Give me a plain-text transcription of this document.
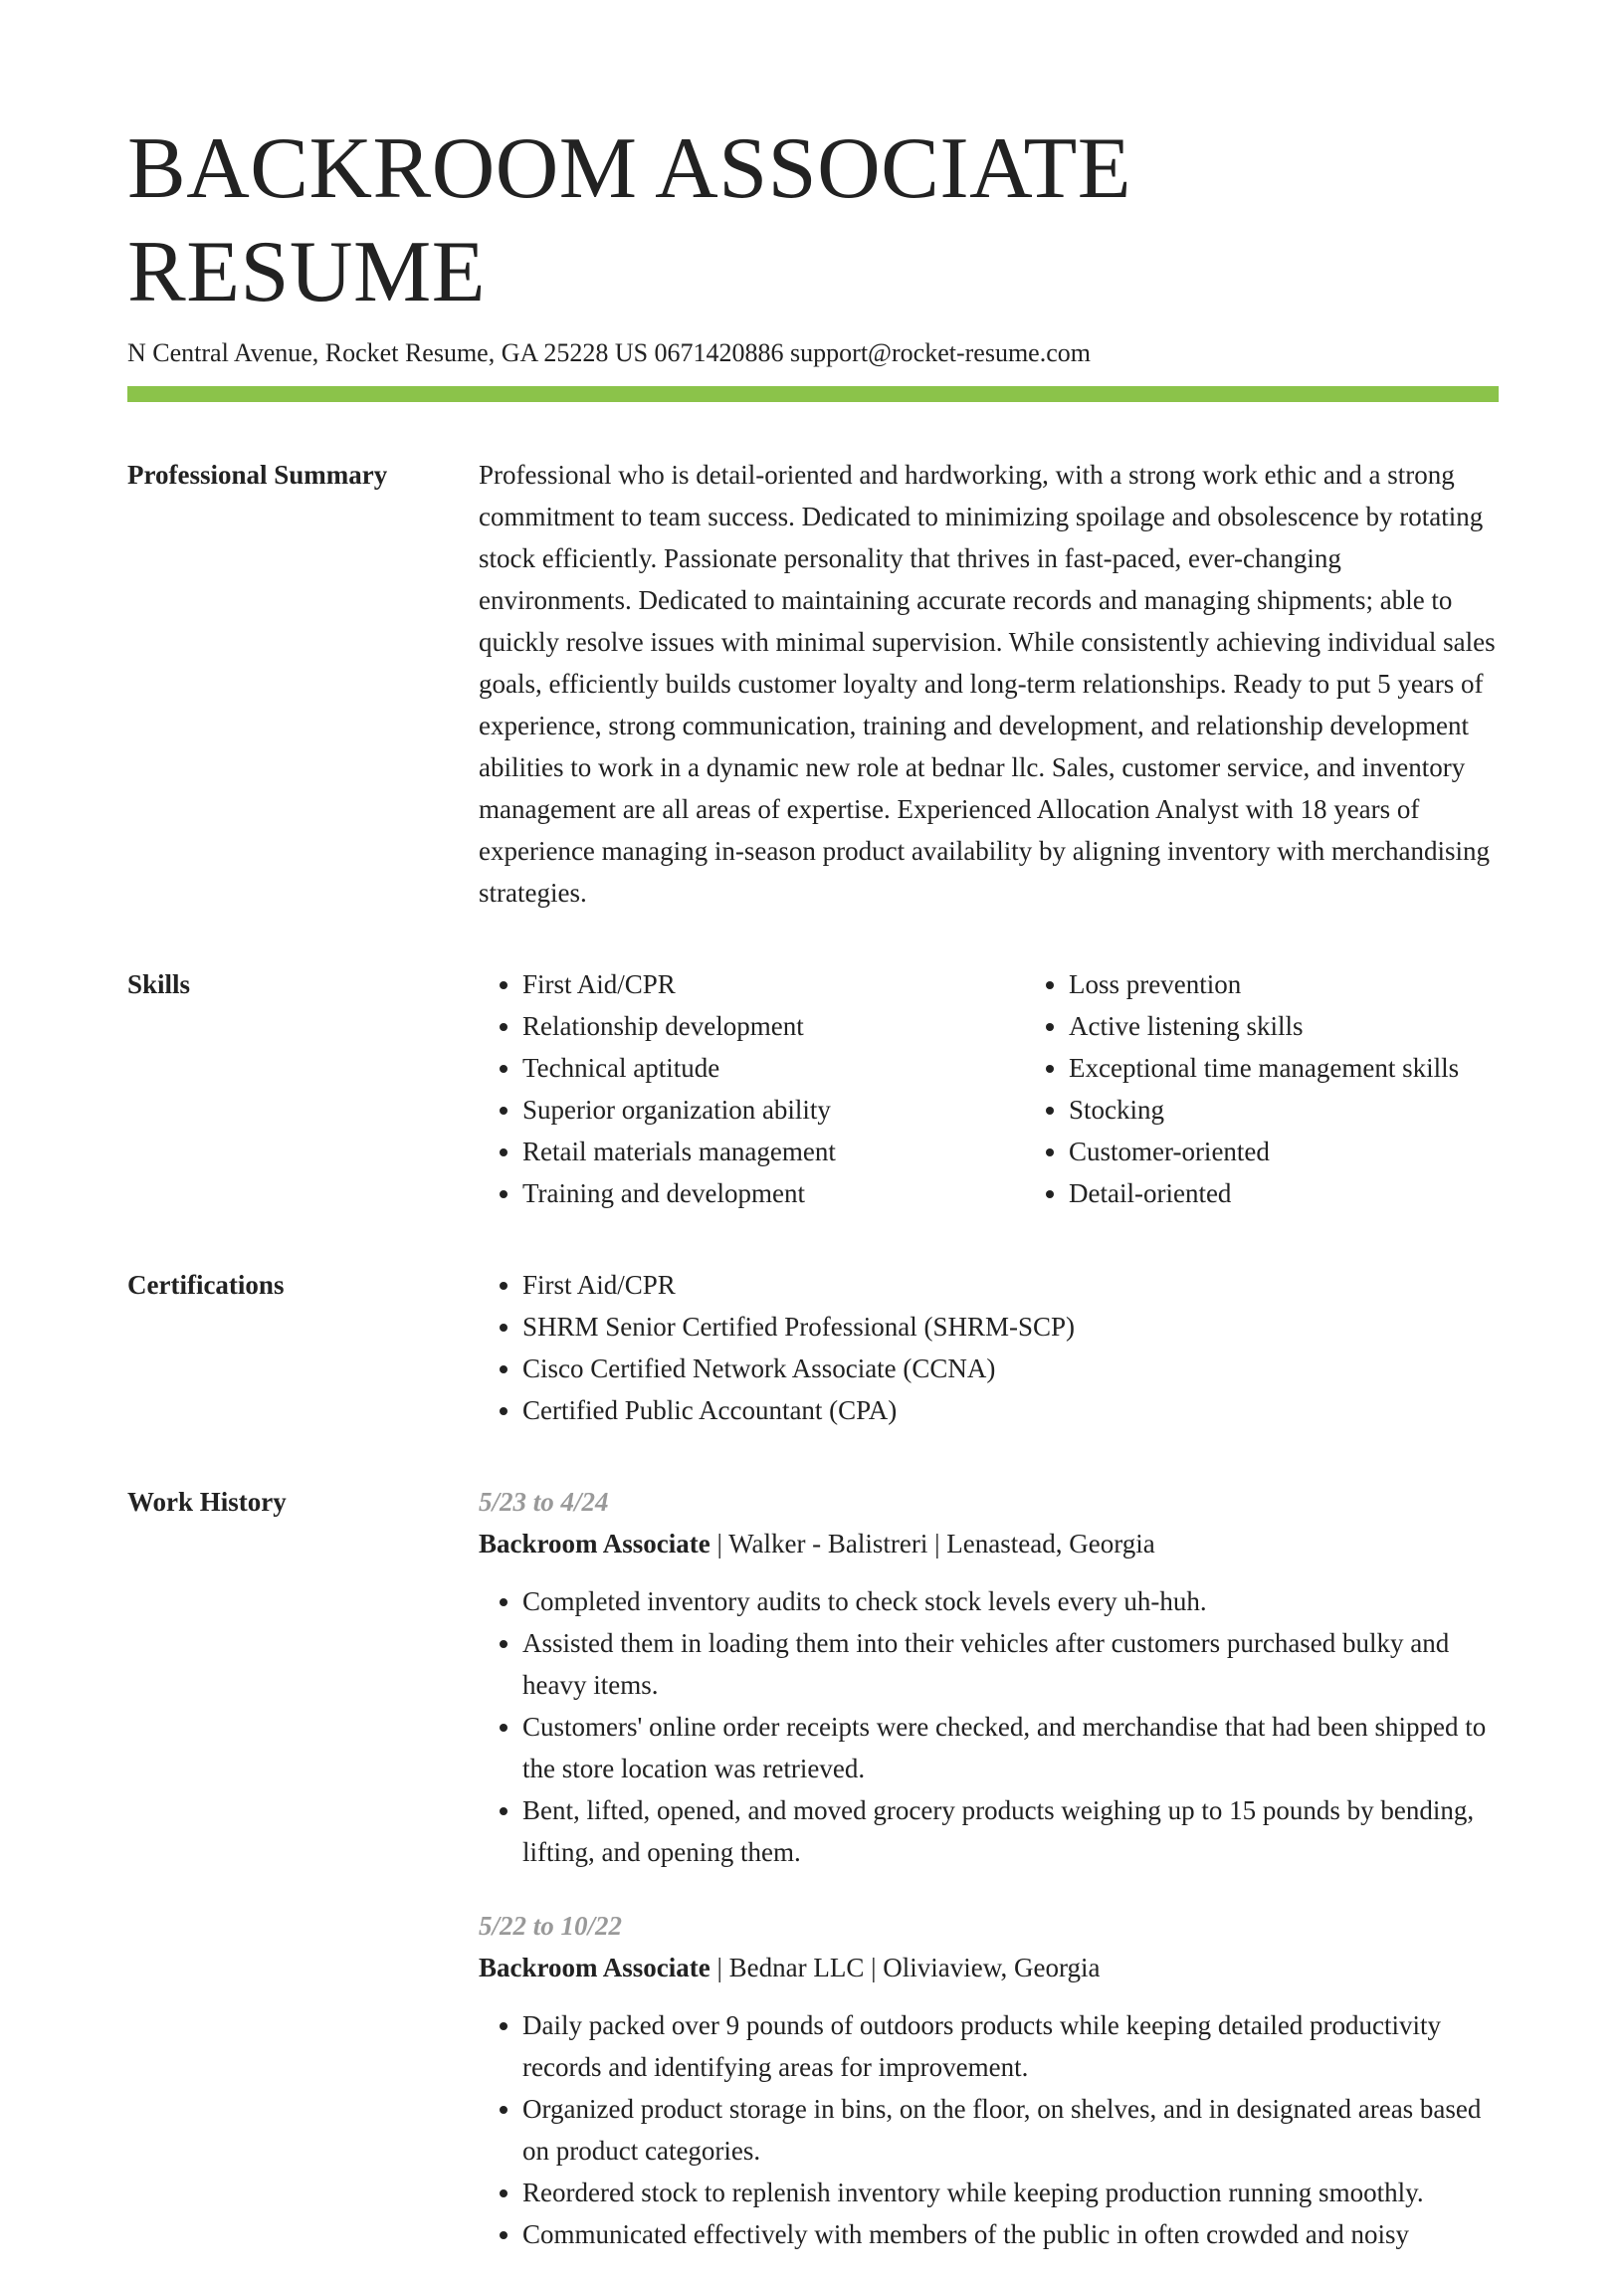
BACKROOM ASSOCIATE RESUME
N Central Avenue, Rocket Resume, GA 25228 US 0671420886 support@rocket-resume.com
Professional Summary	Professional who is detail-oriented and hardworking, with a strong work ethic and a strong commitment to team success. Dedicated to minimizing spoilage and obsolescence by rotating stock efficiently. Passionate personality that thrives in fast-paced, ever-changing environments. Dedicated to maintaining accurate records and managing shipments; able to quickly resolve issues with minimal supervision. While consistently achieving individual sales goals, efficiently builds customer loyalty and long-term relationships. Ready to put 5 years of experience, strong communication, training and development, and relationship development abilities to work in a dynamic new role at bednar llc. Sales, customer service, and inventory management are all areas of expertise. Experienced Allocation Analyst with 18 years of experience managing in-season product availability by aligning inventory with merchandising strategies.

Skills	• First Aid/CPR
• Relationship development
• Technical aptitude
• Superior organization ability
• Retail materials management
• Training and development
• Loss prevention
• Active listening skills
• Exceptional time management skills
• Stocking
• Customer-oriented
• Detail-oriented
Certifications	• First Aid/CPR
• SHRM Senior Certified Professional (SHRM-SCP)
• Cisco Certified Network Associate (CCNA)
• Certified Public Accountant (CPA)
Work History	5/23 to 4/24
Backroom Associate | Walker - Balistreri | Lenastead, Georgia
• Completed inventory audits to check stock levels every uh-huh.
• Assisted them in loading them into their vehicles after customers purchased bulky and heavy items.
• Customers' online order receipts were checked, and merchandise that had been shipped to the store location was retrieved.
• Bent, lifted, opened, and moved grocery products weighing up to 15 pounds by bending, lifting, and opening them.
5/22 to 10/22
Backroom Associate | Bednar LLC | Oliviaview, Georgia
• Daily packed over 9 pounds of outdoors products while keeping detailed productivity records and identifying areas for improvement.
• Organized product storage in bins, on the floor, on shelves, and in designated areas based on product categories.
• Reordered stock to replenish inventory while keeping production running smoothly.
• Communicated effectively with members of the public in often crowded and noisy
